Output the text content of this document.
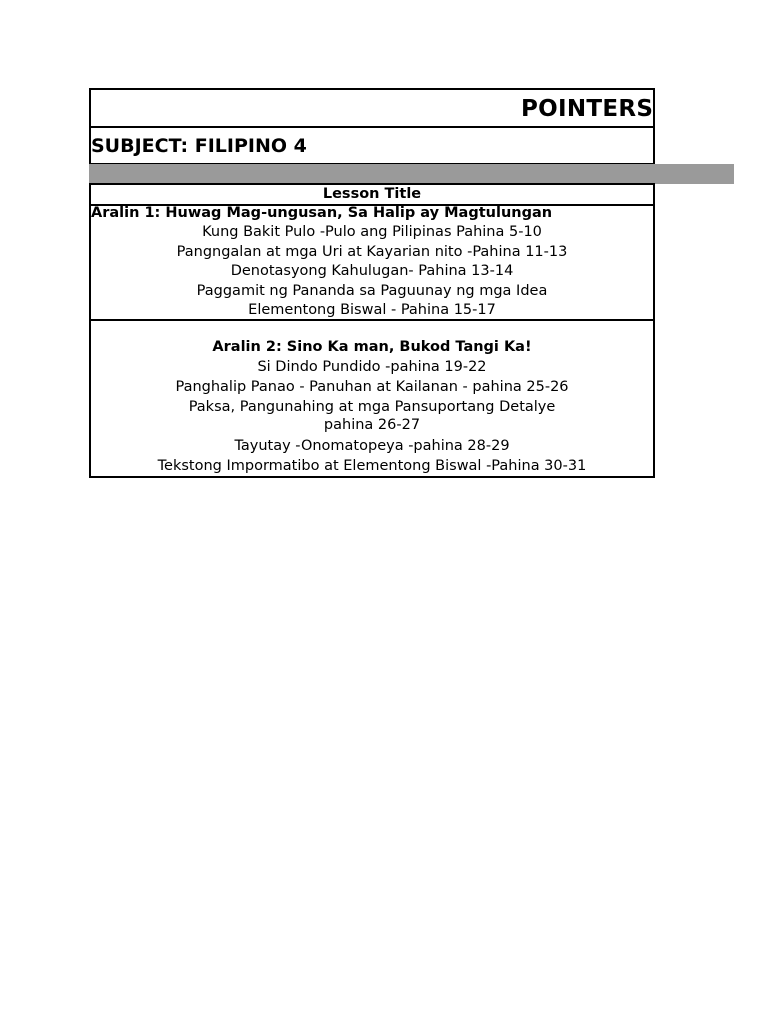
POINTERS
SUBJECT: FILIPINO 4
Lesson Title
Aralin 1: Huwag Mag-ungusan, Sa Halip ay Magtulungan
Kung Bakit Pulo -Pulo ang Pilipinas Pahina 5-10
Pangngalan at mga Uri at Kayarian nito -Pahina 11-13
Denotasyong Kahulugan- Pahina 13-14
Paggamit ng Pananda sa Paguunay ng mga Idea
Elementong Biswal - Pahina 15-17
Aralin 2: Sino Ka man, Bukod Tangi Ka!
Si Dindo Pundido -pahina 19-22
Panghalip Panao - Panuhan at Kailanan - pahina 25-26
Paksa, Pangunahing at mga Pansuportang Detalye
pahina 26-27
Tayutay -Onomatopeya -pahina 28-29
Tekstong Impormatibo at Elementong Biswal -Pahina 30-31
